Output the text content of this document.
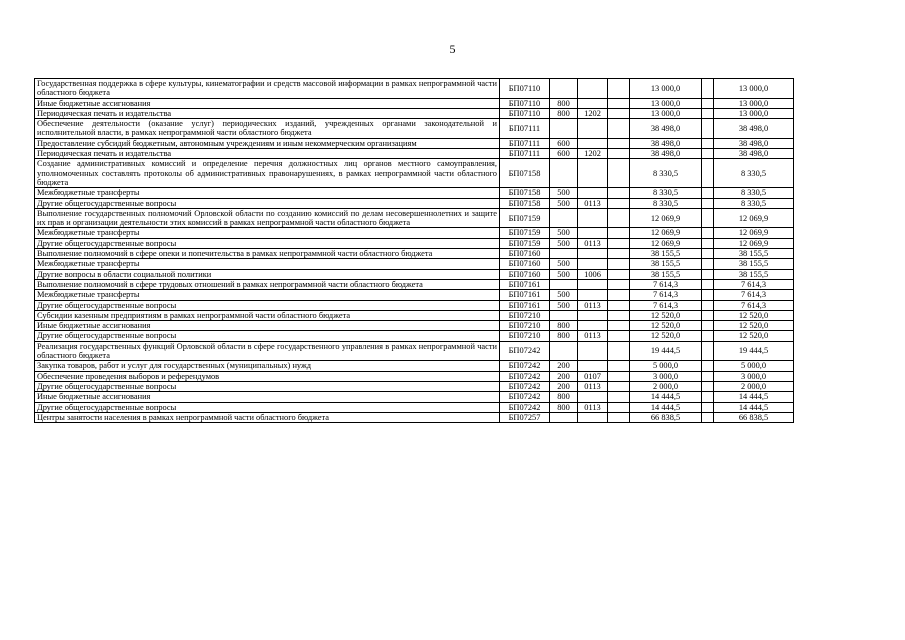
5
Государственная поддержка в сфере культуры, кинематографии и средств массовой информации в рамках непрограммной части областного бюджета	БП07110				13 000,0		13 000,0
Иные бюджетные ассигнования	БП07110	800			13 000,0		13 000,0
Периодическая печать и издательства	БП07110	800	1202		13 000,0		13 000,0
Обеспечение деятельности (оказание услуг) периодических изданий, учрежденных органами законодательной и исполнительной власти, в рамках непрограммной части областного бюджета	БП07111				38 498,0		38 498,0
Предоставление субсидий бюджетным, автономным учреждениям и иным некоммерческим организациям	БП07111	600			38 498,0		38 498,0
Периодическая печать и издательства	БП07111	600	1202		38 498,0		38 498,0
Создание административных комиссий и определение перечня должностных лиц органов местного самоуправления, уполномоченных составлять протоколы об административных правонарушениях, в рамках непрограммной части областного бюджета	БП07158				8 330,5		8 330,5
Межбюджетные трансферты	БП07158	500			8 330,5		8 330,5
Другие общегосударственные вопросы	БП07158	500	0113		8 330,5		8 330,5
Выполнение государственных полномочий Орловской области по созданию комиссий по делам несовершеннолетних и защите их прав и организации деятельности этих комиссий в рамках непрограммной части областного бюджета	БП07159				12 069,9		12 069,9
Межбюджетные трансферты	БП07159	500			12 069,9		12 069,9
Другие общегосударственные вопросы	БП07159	500	0113		12 069,9		12 069,9
Выполнение полномочий в сфере опеки и попечительства в рамках непрограммной части областного бюджета	БП07160				38 155,5		38 155,5
Межбюджетные трансферты	БП07160	500			38 155,5		38 155,5
Другие вопросы в области социальной политики	БП07160	500	1006		38 155,5		38 155,5
Выполнение полномочий в сфере трудовых отношений в рамках непрограммной части областного бюджета	БП07161				7 614,3		7 614,3
Межбюджетные трансферты	БП07161	500			7 614,3		7 614,3
Другие общегосударственные вопросы	БП07161	500	0113		7 614,3		7 614,3
Субсидии казенным предприятиям в рамках непрограммной части областного бюджета	БП07210				12 520,0		12 520,0
Иные бюджетные ассигнования	БП07210	800			12 520,0		12 520,0
Другие общегосударственные вопросы	БП07210	800	0113		12 520,0		12 520,0
Реализация государственных функций Орловской области в сфере государственного управления в рамках непрограммной части областного бюджета	БП07242				19 444,5		19 444,5
Закупка товаров, работ и услуг для государственных (муниципальных) нужд	БП07242	200			5 000,0		5 000,0
Обеспечение проведения выборов и референдумов	БП07242	200	0107		3 000,0		3 000,0
Другие общегосударственные вопросы	БП07242	200	0113		2 000,0		2 000,0
Иные бюджетные ассигнования	БП07242	800			14 444,5		14 444,5
Другие общегосударственные вопросы	БП07242	800	0113		14 444,5		14 444,5
Центры занятости населения в рамках непрограммной части областного бюджета	БП07257				66 838,5		66 838,5
